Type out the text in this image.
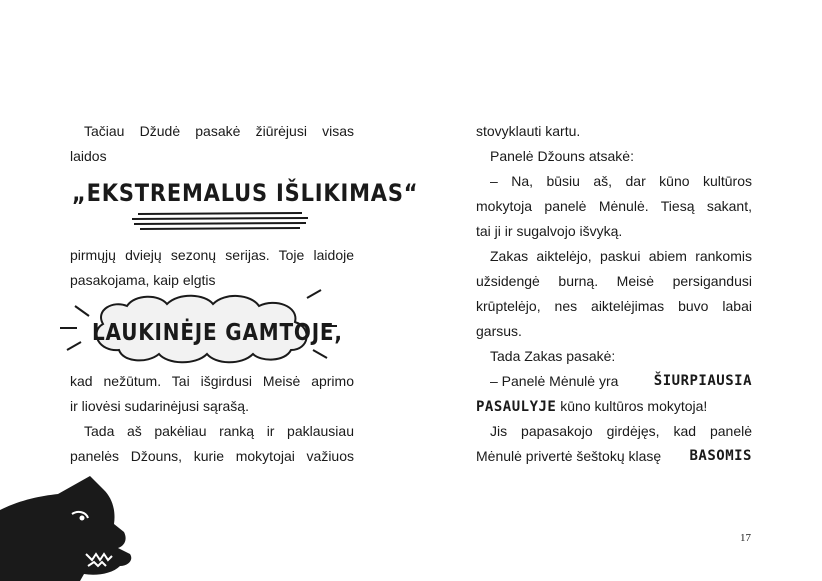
Tačiau Džudė pasakė žiūrėjusi visas
laidos
„EKSTREMALUS IŠLIKIMAS“
pirmųjų dviejų sezonų serijas. Toje laidoje
pasakojama, kaip elgtis
LAUKINĖJE GAMTOJE,
kad nežūtum. Tai išgirdusi Meisė aprimo
ir liovėsi sudarinėjusi sąrašą.
Tada aš pakėliau ranką ir paklausiau
panelės Džouns, kurie mokytojai važiuos
stovyklauti kartu.
Panelė Džouns atsakė:
– Na, būsiu aš, dar kūno kultūros
mokytoja panelė Mėnulė. Tiesą sakant,
tai ji ir sugalvojo išvyką.
Zakas aiktelėjo, paskui abiem rankomis
užsidengė burną. Meisė persigandusi
krūptelėjo, nes aiktelėjimas buvo labai
garsus.
Tada Zakas pasakė:
– Panelė Mėnulė yra	ŠIURPIAUSIA
PASAULYJE kūno kultūros mokytoja!
Jis papasakojo girdėjęs, kad panelė
Mėnulė privertė šeštokų klasę BASOMIS
17
